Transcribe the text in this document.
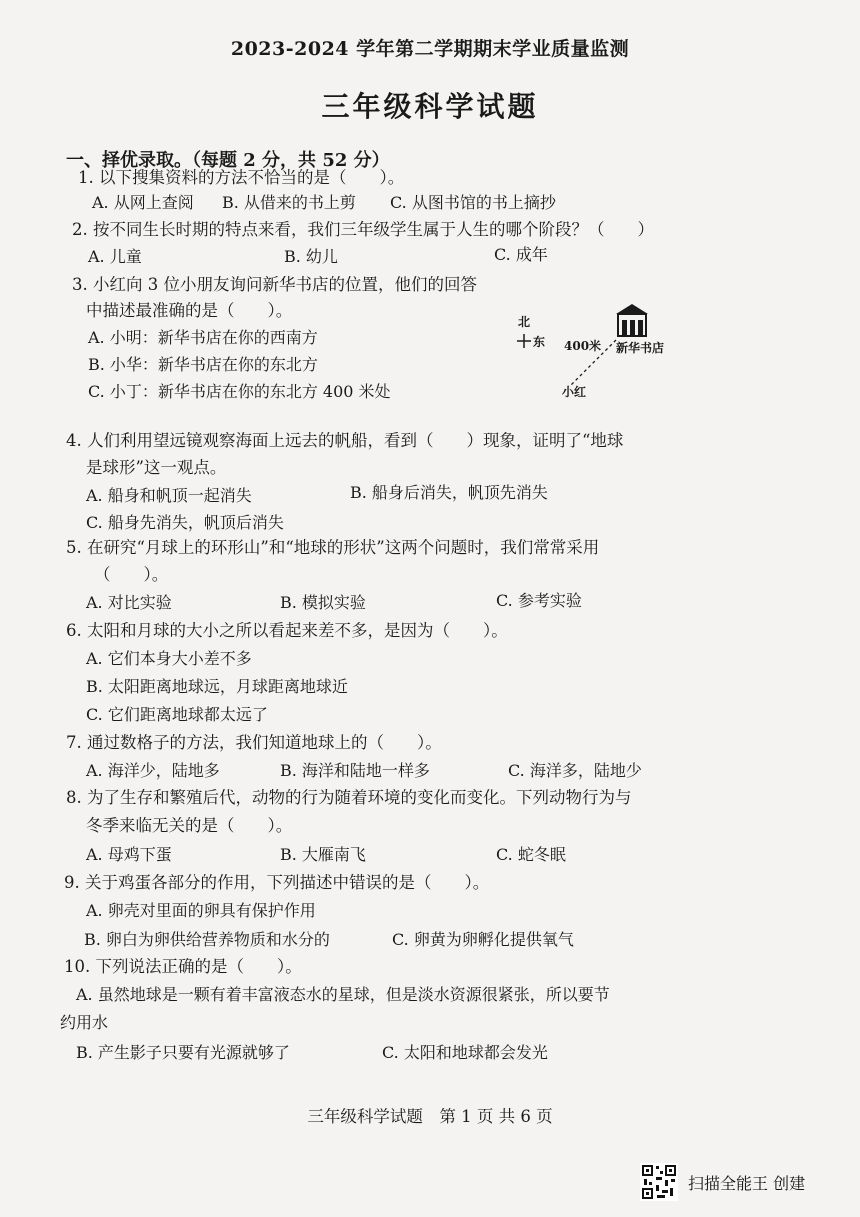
2023-2024 学年第二学期期末学业质量监测
三年级科学试题
一、择优录取。（每题 2 分，共 52 分）
1. 以下搜集资料的方法不恰当的是（　　）。
A. 从网上查阅 B. 从借来的书上剪 C. 从图书馆的书上摘抄
2. 按不同生长时期的特点来看，我们三年级学生属于人生的哪个阶段？（　　）
A. 儿童	B. 幼儿	C. 成年
3. 小红向 3 位小朋友询问新华书店的位置，他们的回答
中描述最准确的是（　　）。
A. 小明：新华书店在你的西南方
B. 小华：新华书店在你的东北方
C. 小丁：新华书店在你的东北方 400 米处
北
东 400米 新华书店
小红
4. 人们利用望远镜观察海面上远去的帆船，看到（　　）现象，证明了“地球
是球形”这一观点。
A. 船身和帆顶一起消失	B. 船身后消失，帆顶先消失
C. 船身先消失，帆顶后消失
5. 在研究“月球上的环形山”和“地球的形状”这两个问题时，我们常常采用
（　　）。
A. 对比实验	B. 模拟实验	C. 参考实验
6. 太阳和月球的大小之所以看起来差不多，是因为（　　）。
A. 它们本身大小差不多
B. 太阳距离地球远，月球距离地球近
C. 它们距离地球都太远了
7. 通过数格子的方法，我们知道地球上的（　　）。
A. 海洋少，陆地多	B. 海洋和陆地一样多	C. 海洋多，陆地少
8. 为了生存和繁殖后代，动物的行为随着环境的变化而变化。下列动物行为与
冬季来临无关的是（　　）。
A. 母鸡下蛋	B. 大雁南飞	C. 蛇冬眠
9. 关于鸡蛋各部分的作用，下列描述中错误的是（　　）。
A. 卵壳对里面的卵具有保护作用
B. 卵白为卵供给营养物质和水分的	C. 卵黄为卵孵化提供氧气
10. 下列说法正确的是（　　）。
A. 虽然地球是一颗有着丰富液态水的星球，但是淡水资源很紧张，所以要节
约用水
B. 产生影子只要有光源就够了	C. 太阳和地球都会发光
三年级科学试题　第 1 页 共 6 页
扫描全能王 创建
